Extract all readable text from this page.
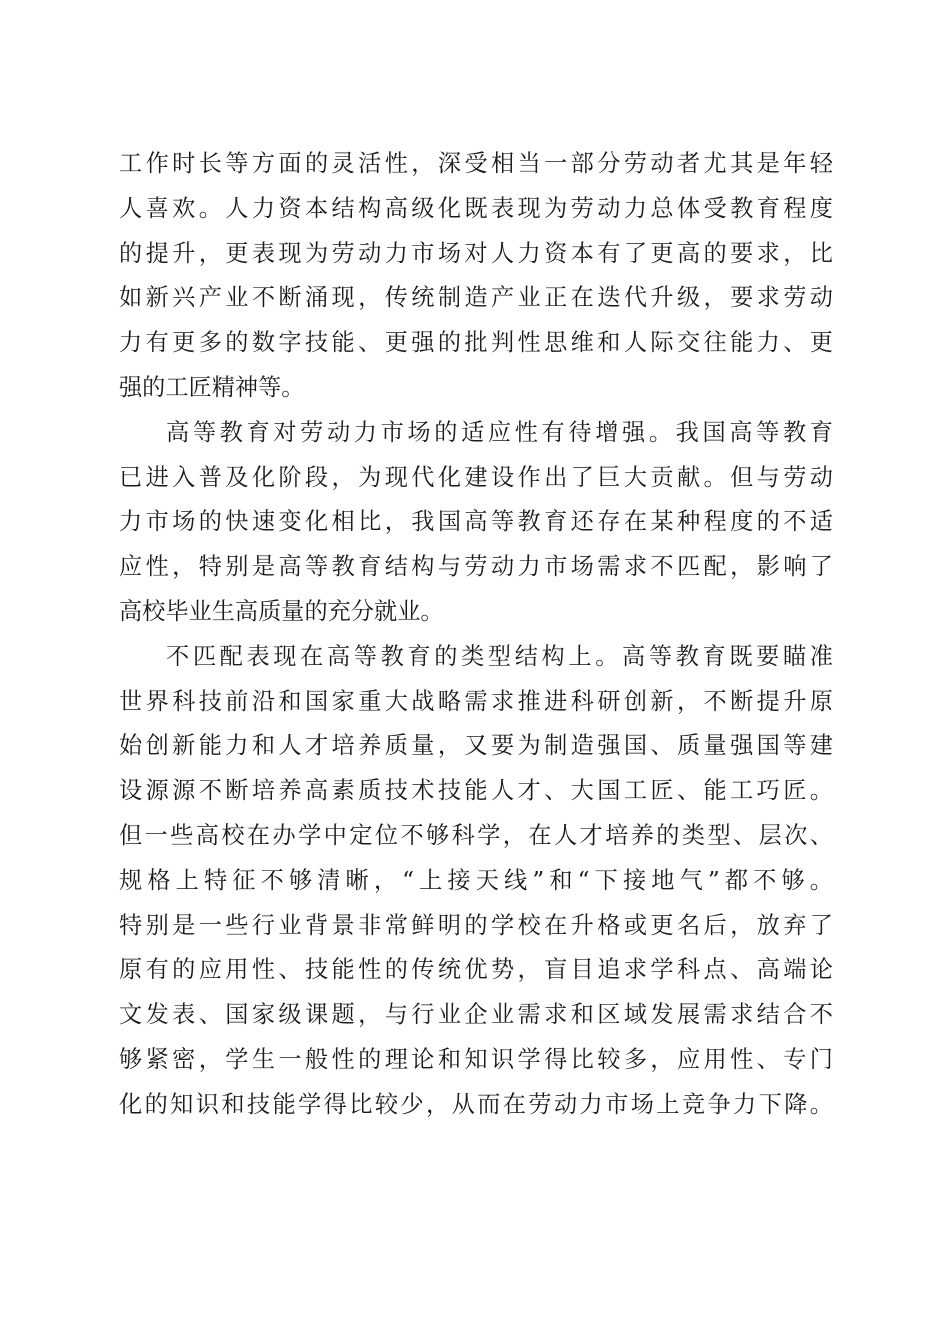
工作时长等方面的灵活性，深受相当一部分劳动者尤其是年轻
人喜欢。人力资本结构高级化既表现为劳动力总体受教育程度
的提升，更表现为劳动力市场对人力资本有了更高的要求，比
如新兴产业不断涌现，传统制造产业正在迭代升级，要求劳动
力有更多的数字技能、更强的批判性思维和人际交往能力、更
强的工匠精神等。
高等教育对劳动力市场的适应性有待增强。我国高等教育
已进入普及化阶段，为现代化建设作出了巨大贡献。但与劳动
力市场的快速变化相比，我国高等教育还存在某种程度的不适
应性，特别是高等教育结构与劳动力市场需求不匹配，影响了
高校毕业生高质量的充分就业。
不匹配表现在高等教育的类型结构上。高等教育既要瞄准
世界科技前沿和国家重大战略需求推进科研创新，不断提升原
始创新能力和人才培养质量，又要为制造强国、质量强国等建
设源源不断培养高素质技术技能人才、大国工匠、能工巧匠。
但一些高校在办学中定位不够科学，在人才培养的类型、层次、
规格上特征不够清晰，“上接天线”和“下接地气”都不够。
特别是一些行业背景非常鲜明的学校在升格或更名后，放弃了
原有的应用性、技能性的传统优势，盲目追求学科点、高端论
文发表、国家级课题，与行业企业需求和区域发展需求结合不
够紧密，学生一般性的理论和知识学得比较多，应用性、专门
化的知识和技能学得比较少，从而在劳动力市场上竞争力下降。
